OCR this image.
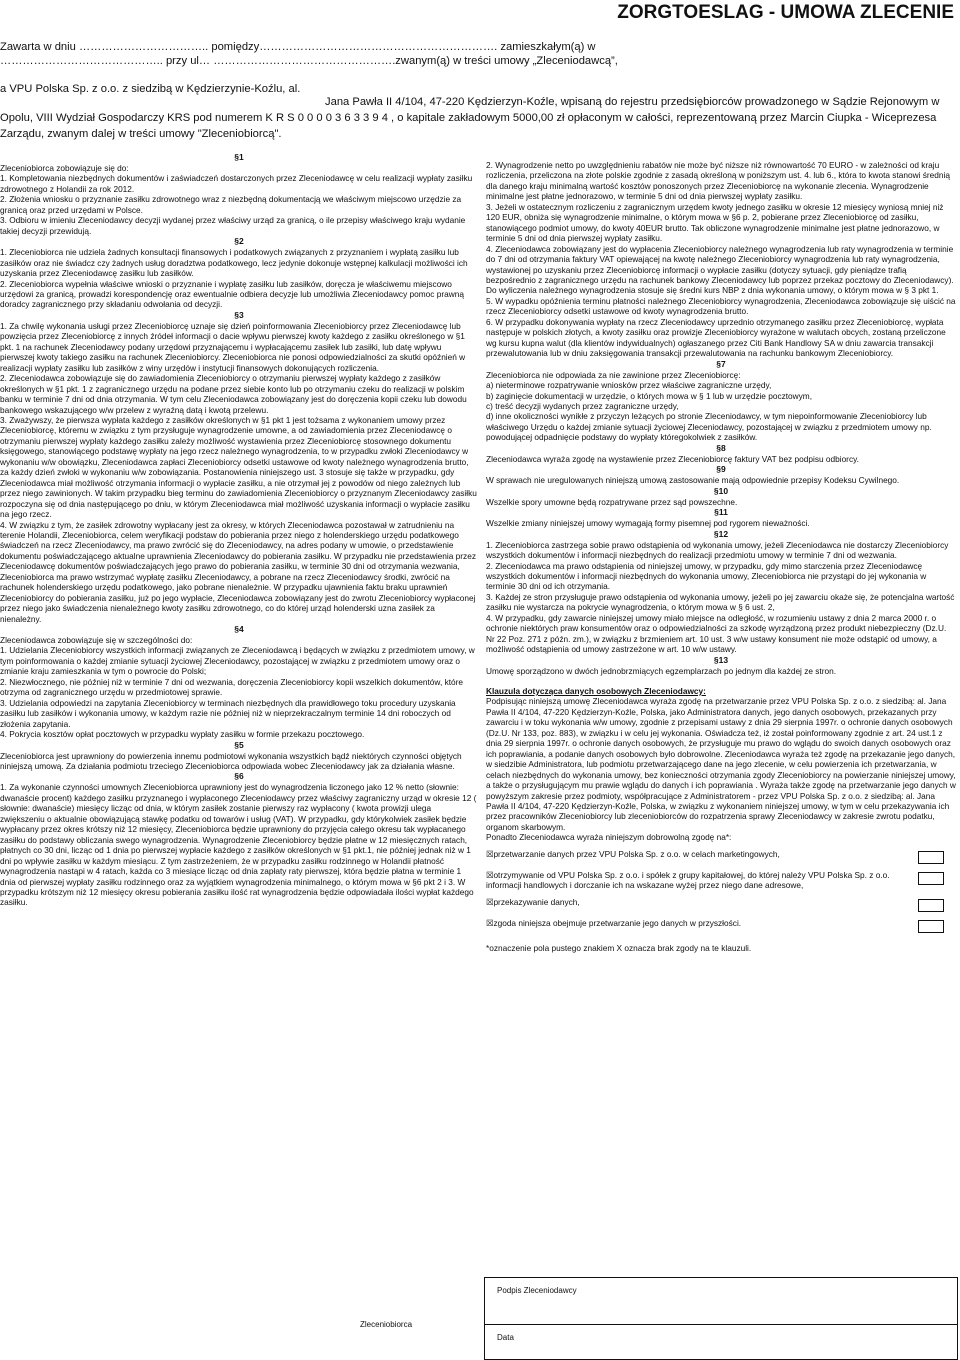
ZORGTOESLAG - UMOWA ZLECENIE

Zawarta w dniu …………………………….. pomiędzy………………………………………………………. zamieszkałym(ą) w

…………………………………….. przy ul… ………………………………………….zwanym(ą) w treści umowy „Zleceniodawcą”,

a VPU Polska Sp. z o.o. z siedzibą w Kędzierzynie-Koźlu, al.

Jana Pawła II 4/104, 47-220 Kędzierzyn-Koźle, wpisaną do rejestru przedsiębiorców prowadzonego w Sądzie Rejonowym w Opolu, VIII Wydział Gospodarczy KRS pod numerem K R S 0 0 0 0 3 6 3 3 9 4 , o kapitale zakładowym 5000,00 zł opłaconym w całości, reprezentowaną przez Marcin Ciupka - Wiceprezesa Zarządu, zwanym dalej w treści umowy "Zleceniobiorcą".

§1

Zleceniobiorca zobowiązuje się do:

1. Kompletowania niezbędnych dokumentów i zaświadczeń dostarczonych przez Zleceniodawcę w celu realizacji wypłaty zasiłku zdrowotnego z Holandii za rok 2012.

2. Złożenia wniosku o przyznanie zasiłku zdrowotnego wraz z niezbędną dokumentacją we właściwym miejscowo urzędzie za granicą oraz przed urzędami w Polsce.

3. Odbioru w imieniu Zleceniodawcy decyzji wydanej przez właściwy urząd za granicą, o ile przepisy właściwego kraju wydanie takiej decyzji przewidują.

§2

1. Zleceniobiorca nie udziela żadnych konsultacji finansowych i podatkowych związanych z przyznaniem i wypłatą zasiłku lub zasiłków oraz nie świadcz czy żadnych usług doradztwa podatkowego, lecz jedynie dokonuje wstępnej kalkulacji możliwości ich uzyskania przez Zleceniodawcę zasiłku lub zasiłków.

2. Zleceniobiorca wypełnia właściwe wnioski o przyznanie i wypłatę zasiłku lub zasiłków, doręcza je właściwemu miejscowo urzędowi za granicą, prowadzi korespondencję oraz ewentualnie odbiera decyzje lub umożliwia Zleceniodawcy pomoc prawną doradcy zagranicznego przy składaniu odwołania od decyzji.

§3

1. Za chwilę wykonania usługi przez Zleceniobiorcę uznaje się dzień poinformowania Zleceniobiorcy przez Zleceniodawcę lub powzięcia przez Zleceniobiorcę z innych źródeł informacji o dacie wpływu pierwszej kwoty każdego z zasiłku określonego w §1 pkt. 1 na rachunek Zleceniodawcy podany urzędowi przyznającemu i wypłacającemu zasiłek lub zasiłki, lub datę wpływu pierwszej kwoty takiego zasiłku na rachunek Zleceniobiorcy. Zleceniobiorca nie ponosi odpowiedzialności za skutki opóźnień w realizacji wypłaty zasiłku lub zasiłków z winy urzędów i instytucji finansowych dokonujących rozliczenia.

2. Zleceniodawca zobowiązuje się do zawiadomienia Zleceniobiorcy o otrzymaniu pierwszej wypłaty każdego z zasiłków określonych w §1 pkt. 1 z zagranicznego urzędu na podane przez siebie konto lub po otrzymaniu czeku do realizacji w polskim banku w terminie 7 dni od dnia otrzymania. W tym celu Zleceniodawca zobowiązany jest do doręczenia kopii czeku lub dowodu bankowego wskazującego w/w przelew z wyraźną datą i kwotą przelewu.

3. Zważywszy, że pierwsza wypłata każdego z zasiłków określonych w §1 pkt 1 jest tożsama z wykonaniem umowy przez Zleceniobiorcę, któremu w związku z tym przysługuje wynagrodzenie umowne, a od zawiadomienia przez Zleceniodawcę o otrzymaniu pierwszej wypłaty każdego zasiłku zależy możliwość wystawienia przez Zleceniobiorcę stosownego dokumentu księgowego, stanowiącego podstawę wypłaty na jego rzecz należnego wynagrodzenia, to w przypadku zwłoki Zleceniodawcy w wykonaniu w/w obowiązku, Zleceniodawca zapłaci Zleceniobiorcy odsetki ustawowe od kwoty należnego wynagrodzenia brutto, za każdy dzień zwłoki w wykonaniu w/w zobowiązania. Postanowienia niniejszego ust. 3 stosuje się także w przypadku, gdy Zleceniodawca miał możliwość otrzymania informacji o wypłacie zasiłku, a nie otrzymał jej z powodów od niego zależnych lub przez niego zawinionych. W takim przypadku bieg terminu do zawiadomienia Zleceniobiorcy o przyznanym Zleceniodawcy zasiłku rozpoczyna się od dnia następującego po dniu, w którym Zleceniodawca miał możliwość uzyskania informacji o wypłacie zasiłku na jego rzecz.

4. W związku z tym, że zasiłek zdrowotny wypłacany jest za okresy, w których Zleceniodawca pozostawał w zatrudnieniu na terenie Holandii, Zleceniobiorca, celem weryfikacji podstaw do pobierania przez niego z holenderskiego urzędu podatkowego świadczeń na rzecz Zleceniodawcy, ma prawo zwrócić się do Zleceniodawcy, na adres podany w umowie, o przedstawienie dokumentu poświadczającego aktualne uprawnienia Zleceniodawcy do pobierania zasiłku. W przypadku nie przedstawienia przez Zleceniodawcę dokumentów poświadczających jego prawo do pobierania zasiłku, w terminie 30 dni od otrzymania wezwania, Zleceniobiorca ma prawo wstrzymać wypłatę zasiłku Zleceniodawcy, a pobrane na rzecz Zleceniodawcy środki, zwrócić na rachunek holenderskiego urzędu podatkowego, jako pobrane nienależnie. W przypadku ujawnienia faktu braku uprawnień Zleceniobiorcy do pobierania zasiłku, już po jego wypłacie, Zleceniodawca zobowiązany jest do zwrotu Zleceniobiorcy wypłaconej przez niego jako świadczenia nienależnego kwoty zasiłku zdrowotnego, co do której urząd holenderski uzna zasiłek za nienależny.

§4

Zleceniodawca zobowiązuje się w szczególności do:

1. Udzielania Zleceniobiorcy wszystkich informacji związanych ze Zleceniodawcą i będących w związku z przedmiotem umowy, w tym poinformowania o każdej zmianie sytuacji życiowej Zleceniodawcy, pozostającej w związku z przedmiotem umowy oraz o zmianie kraju zamieszkania w tym o powrocie do Polski;

2. Niezwłocznego, nie później niż w terminie 7 dni od wezwania, doręczenia Zleceniobiorcy kopii wszelkich dokumentów, które otrzyma od zagranicznego urzędu w przedmiotowej sprawie.

3. Udzielania odpowiedzi na zapytania Zleceniobiorcy w terminach niezbędnych dla prawidłowego toku procedury uzyskania zasiłku lub zasiłków i wykonania umowy, w każdym razie nie później niż w nieprzekraczalnym terminie 14 dni roboczych od złożenia zapytania.

4. Pokrycia kosztów opłat pocztowych w przypadku wypłaty zasiłku w formie przekazu pocztowego.

§5

Zleceniobiorca jest uprawniony do powierzenia innemu podmiotowi wykonania wszystkich bądź niektórych czynności objętych niniejszą umową. Za działania podmiotu trzeciego Zleceniobiorca odpowiada wobec Zleceniodawcy jak za działania własne.

§6

1. Za wykonanie czynności umownych Zleceniobiorca uprawniony jest do wynagrodzenia liczonego jako 12 % netto (słownie: dwanaście procent) każdego zasiłku przyznanego i wypłaconego Zleceniodawcy przez właściwy zagraniczny urząd w okresie 12 ( słownie: dwanaście) miesięcy licząc od dnia, w którym zasiłek zostanie pierwszy raz wypłacony ( kwota prowizji ulega zwiększeniu o aktualnie obowiązującą stawkę podatku od towarów i usług (VAT). W przypadku, gdy którykolwiek zasiłek będzie wypłacany przez okres krótszy niż 12 miesięcy, Zleceniobiorca będzie uprawniony do przyjęcia całego okresu tak wypłacanego zasiłku do podstawy obliczania swego wynagrodzenia. Wynagrodzenie Zleceniobiorcy będzie płatne w 12 miesięcznych ratach, płatnych co 30 dni, licząc od 1 dnia po pierwszej wypłacie każdego z zasiłków określonych w §1 pkt.1, nie później jednak niż w 1 dni po wpływie zasiłku w każdym miesiącu. Z tym zastrzeżeniem, że w przypadku zasiłku rodzinnego w Holandii płatność wynagrodzenia nastąpi w 4 ratach, każda co 3 miesiące licząc od dnia zapłaty raty pierwszej, która będzie płatna w terminie 1 dnia od pierwszej wypłaty zasiłku rodzinnego oraz za wyjątkiem wynagrodzenia minimalnego, o którym mowa w §6 pkt 2 i 3. W przypadku krótszym niż 12 miesięcy okresu pobierania zasiłku ilość rat wynagrodzenia będzie odpowiadała ilości wypłat każdego zasiłku.

2. Wynagrodzenie netto po uwzględnieniu rabatów nie może być niższe niż równowartość 70 EURO - w zależności od kraju rozliczenia, przeliczona na złote polskie zgodnie z zasadą określoną w poniższym ust. 4. lub 6., która to kwota stanowi średnią dla danego kraju minimalną wartość kosztów ponoszonych przez Zleceniobiorcę na wykonanie zlecenia. Wynagrodzenie minimalne jest płatne jednorazowo, w terminie 5 dni od dnia pierwszej wypłaty zasiłku.

3. Jeżeli w ostatecznym rozliczeniu z zagranicznym urzędem kwoty jednego zasiłku w okresie 12 miesięcy wyniosą mniej niż 120 EUR, obniża się wynagrodzenie minimalne, o którym mowa w §6 p. 2, pobierane przez Zleceniobiorcę od zasiłku, stanowiącego podmiot umowy, do kwoty 40EUR brutto. Tak obliczone wynagrodzenie minimalne jest płatne jednorazowo, w terminie 5 dni od dnia pierwszej wypłaty zasiłku.

4. Zleceniodawca zobowiązany jest do wypłacenia Zleceniobiorcy należnego wynagrodzenia lub raty wynagrodzenia w terminie do 7 dni od otrzymania faktury VAT opiewającej na kwotę należnego Zleceniobiorcy wynagrodzenia lub raty wynagrodzenia, wystawionej po uzyskaniu przez Zleceniobiorcę informacji o wypłacie zasiłku (dotyczy sytuacji, gdy pieniądze trafią bezpośrednio z zagranicznego urzędu na rachunek bankowy Zleceniodawcy lub poprzez przekaz pocztowy do Zleceniodawcy). Do wyliczenia należnego wynagrodzenia stosuje się średni kurs NBP z dnia wykonania umowy, o którym mowa w § 3 pkt 1.

5. W wypadku opóźnienia terminu płatności należnego Zleceniobiorcy wynagrodzenia, Zleceniodawca zobowiązuje się uiścić na rzecz Zleceniobiorcy odsetki ustawowe od kwoty wynagrodzenia brutto.

6. W przypadku dokonywania wypłaty na rzecz Zleceniodawcy uprzednio otrzymanego zasiłku przez Zleceniobiorcę, wypłata następuje w polskich złotych, a kwoty zasiłku oraz prowizje Zleceniobiorcy wyrażone w walutach obcych, zostaną przeliczone wg kursu kupna walut (dla klientów indywidualnych) ogłaszanego przez Citi Bank Handlowy SA w dniu zawarcia transakcji przewalutowania lub w dniu zaksięgowania transakcji przewalutowania na rachunku bankowym Zleceniobiorcy.

§7

Zleceniobiorca nie odpowiada za nie zawinione przez Zleceniobiorcę:

a) nieterminowe rozpatrywanie wniosków przez właściwe zagraniczne urzędy,

b) zaginięcie dokumentacji w urzędzie, o których mowa w § 1 lub w urzędzie pocztowym,

c) treść decyzji wydanych przez zagraniczne urzędy,

d) inne okoliczności wynikłe z przyczyn leżących po stronie Zleceniodawcy, w tym niepoinformowanie Zleceniobiorcy lub właściwego Urzędu o każdej zmianie sytuacji życiowej Zleceniodawcy, pozostającej w związku z przedmiotem umowy np. powodującej odpadnięcie podstawy do wypłaty któregokolwiek z zasiłków.

§8

Zleceniodawca wyraża zgodę na wystawienie przez Zleceniobiorcę faktury VAT bez podpisu odbiorcy.

§9

W sprawach nie uregulowanych niniejszą umową zastosowanie mają odpowiednie przepisy Kodeksu Cywilnego.

§10

Wszelkie spory umowne będą rozpatrywane przez sąd powszechne.

§11

Wszelkie zmiany niniejszej umowy wymagają formy pisemnej pod rygorem nieważności.

§12

1. Zleceniobiorca zastrzega sobie prawo odstąpienia od wykonania umowy, jeżeli Zleceniodawca nie dostarczy Zleceniobiorcy wszystkich dokumentów i informacji niezbędnych do realizacji przedmiotu umowy w terminie 7 dni od wezwania.

2. Zleceniodawca ma prawo odstąpienia od niniejszej umowy, w przypadku, gdy mimo starczenia przez Zleceniodawcę wszystkich dokumentów i informacji niezbędnych do wykonania umowy, Zleceniobiorca nie przystąpi do jej wykonania w terminie 30 dni od ich otrzymania.

3. Każdej ze stron przysługuje prawo odstąpienia od wykonania umowy, jeżeli po jej zawarciu okaże się, że potencjalna wartość zasiłku nie wystarcza na pokrycie wynagrodzenia, o którym mowa w § 6 ust. 2,

4. W przypadku, gdy zawarcie niniejszej umowy miało miejsce na odległość, w rozumieniu ustawy z dnia 2 marca 2000 r. o ochronie niektórych praw konsumentów oraz o odpowiedzialności za szkodę wyrządzoną przez produkt niebezpieczny (Dz.U. Nr 22 Poz. 271 z późn. zm.), w związku z brzmieniem art. 10 ust. 3 w/w ustawy konsument nie może odstąpić od umowy, a możliwość odstąpienia od umowy zastrzeżone w art. 10 w/w ustawy.

§13

Umowę sporządzono w dwóch jednobrzmiących egzemplarzach po jednym dla każdej ze stron.

Klauzula dotycząca danych osobowych Zleceniodawcy:

Podpisując niniejszą umowę Zleceniodawca wyraża zgodę na przetwarzanie przez VPU Polska Sp. z o.o. z siedzibą: al. Jana Pawła II 4/104, 47-220 Kędzierzyn-Koźle, Polska, jako Administratora danych, jego danych osobowych, przekazanych przy zawarciu i w toku wykonania w/w umowy, zgodnie z przepisami ustawy z dnia 29 sierpnia 1997r. o ochronie danych osobowych (Dz.U. Nr 133, poz. 883), w związku i w celu jej wykonania. Oświadcza też, iż został poinformowany zgodnie z art. 24 ust.1 z dnia 29 sierpnia 1997r. o ochronie danych osobowych, że przysługuje mu prawo do wglądu do swoich danych osobowych oraz ich poprawiania, a podanie danych osobowych było dobrowolne. Zleceniodawca wyraża też zgodę na przekazanie jego danych, w siedzibie Administratora, lub podmiotu przetwarzającego dane na jego zlecenie, w celu powierzenia ich przetwarzania, w celach niezbędnych do wykonania umowy, bez konieczności otrzymania zgody Zleceniobiorcy na powierzanie niniejszej umowy, a także o przysługującym mu prawie wglądu do danych i ich poprawiania . Wyraża także zgodę na przetwarzanie jego danych w powyższym zakresie przez podmioty, współpracujące z Administratorem - przez VPU Polska Sp. z o.o. z siedzibą: al. Jana Pawła II 4/104, 47-220 Kędzierzyn-Koźle, Polska, w związku z wykonaniem niniejszej umowy, w tym w celu przekazywania ich przez pracowników Zleceniobiorcy lub zleceniobiorców do rozpatrzenia sprawy Zleceniodawcy w zakresie zwrotu podatku, organom skarbowym.

Ponadto Zleceniodawca wyraża niniejszym dobrowolną zgodę na*:

☒przetwarzanie danych przez VPU Polska Sp. z o.o. w celach marketingowych,
☒otrzymywanie od VPU Polska Sp. z o.o. i spółek z grupy kapitałowej, do której należy VPU Polska Sp. z o.o. informacji handlowych i dorczanie ich na wskazane wyżej przez niego dane adresowe,
☒przekazywanie danych,
☒zgoda niniejsza obejmuje przetwarzanie jego danych w przyszłości.

*oznaczenie pola pustego znakiem X oznacza brak zgody na te klauzuli.

Podpis Zleceniodawcy
Data
Zleceniobiorca
